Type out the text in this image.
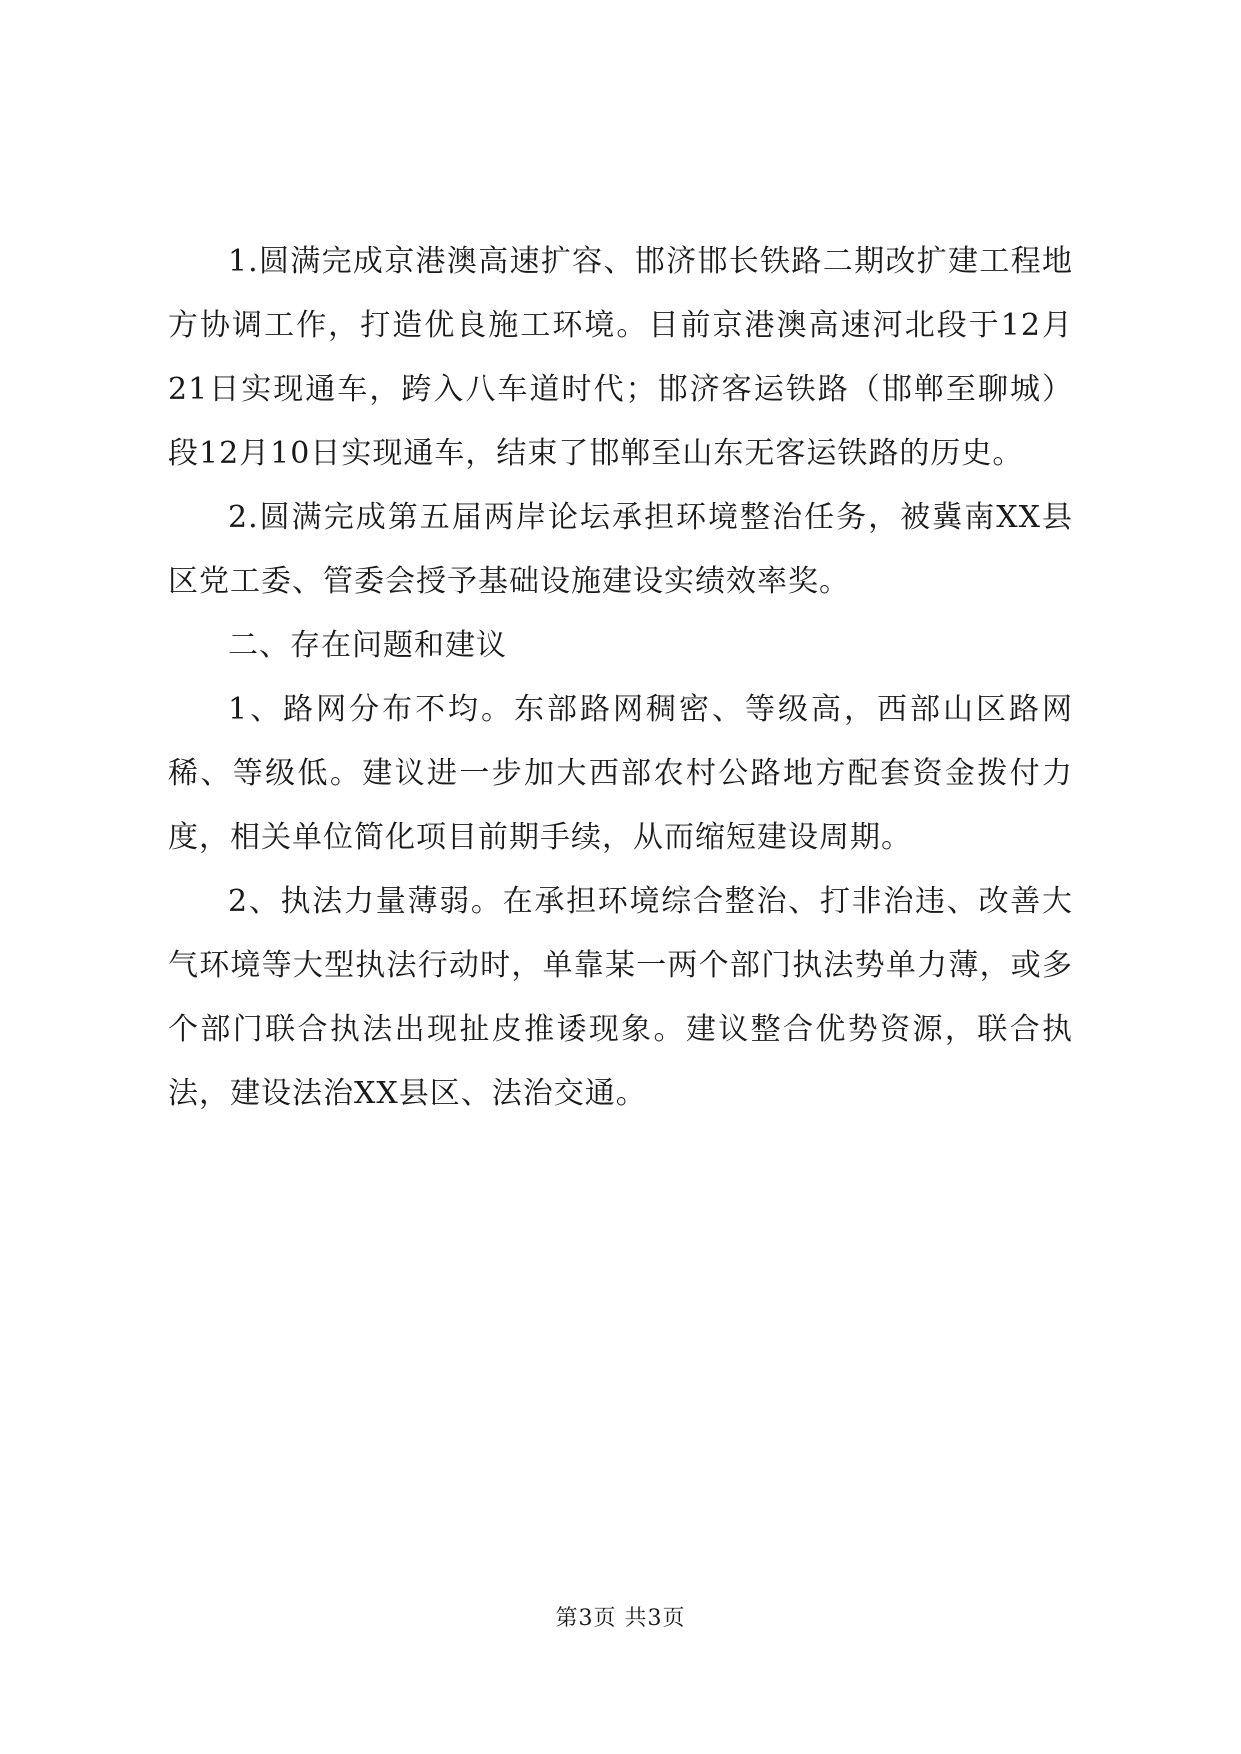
1.圆满完成京港澳高速扩容、邯济邯长铁路二期改扩建工程地方协调工作，打造优良施工环境。目前京港澳高速河北段于12月21日实现通车，跨入八车道时代；邯济客运铁路（邯郸至聊城）段12月10日实现通车，结束了邯郸至山东无客运铁路的历史。

2.圆满完成第五届两岸论坛承担环境整治任务，被冀南XX县区党工委、管委会授予基础设施建设实绩效率奖。

二、存在问题和建议

1、路网分布不均。东部路网稠密、等级高，西部山区路网稀、等级低。建议进一步加大西部农村公路地方配套资金拨付力度，相关单位简化项目前期手续，从而缩短建设周期。

2、执法力量薄弱。在承担环境综合整治、打非治违、改善大气环境等大型执法行动时，单靠某一两个部门执法势单力薄，或多个部门联合执法出现扯皮推诿现象。建议整合优势资源，联合执法，建设法治XX县区、法治交通。

第3页 共3页
